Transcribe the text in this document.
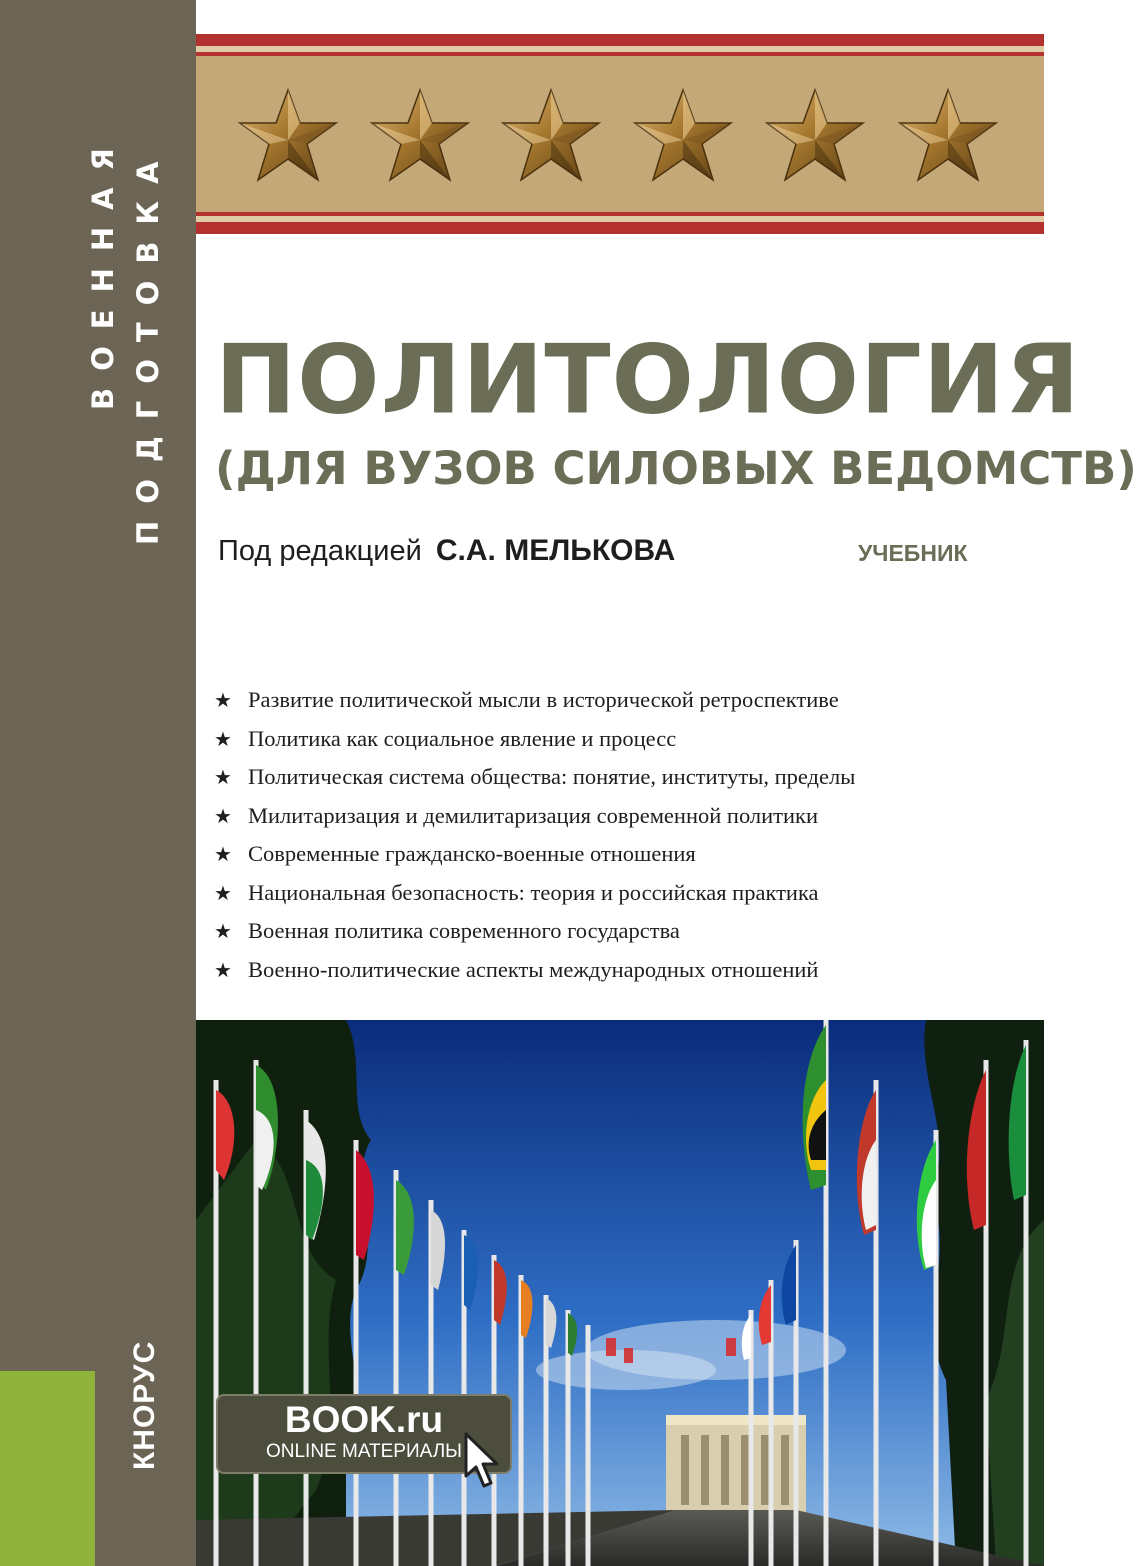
ВОЕННАЯ ПОДГОТОВКА
КНОРУС
ПОЛИТОЛОГИЯ
(ДЛЯ ВУЗОВ СИЛОВЫХ ВЕДОМСТВ)
Под редакцией С.А. МЕЛЬКОВА	УЧЕБНИК
★ Развитие политической мысли в исторической ретроспективе
★ Политика как социальное явление и процесс
★ Политическая система общества: понятие, институты, пределы
★ Милитаризация и демилитаризация современной политики
★ Современные гражданско-военные отношения
★ Национальная безопасность: теория и российская практика
★ Военная политика современного государства
★ Военно-политические аспекты международных отношений
BOOK.ru
ONLINE МАТЕРИАЛЫ
